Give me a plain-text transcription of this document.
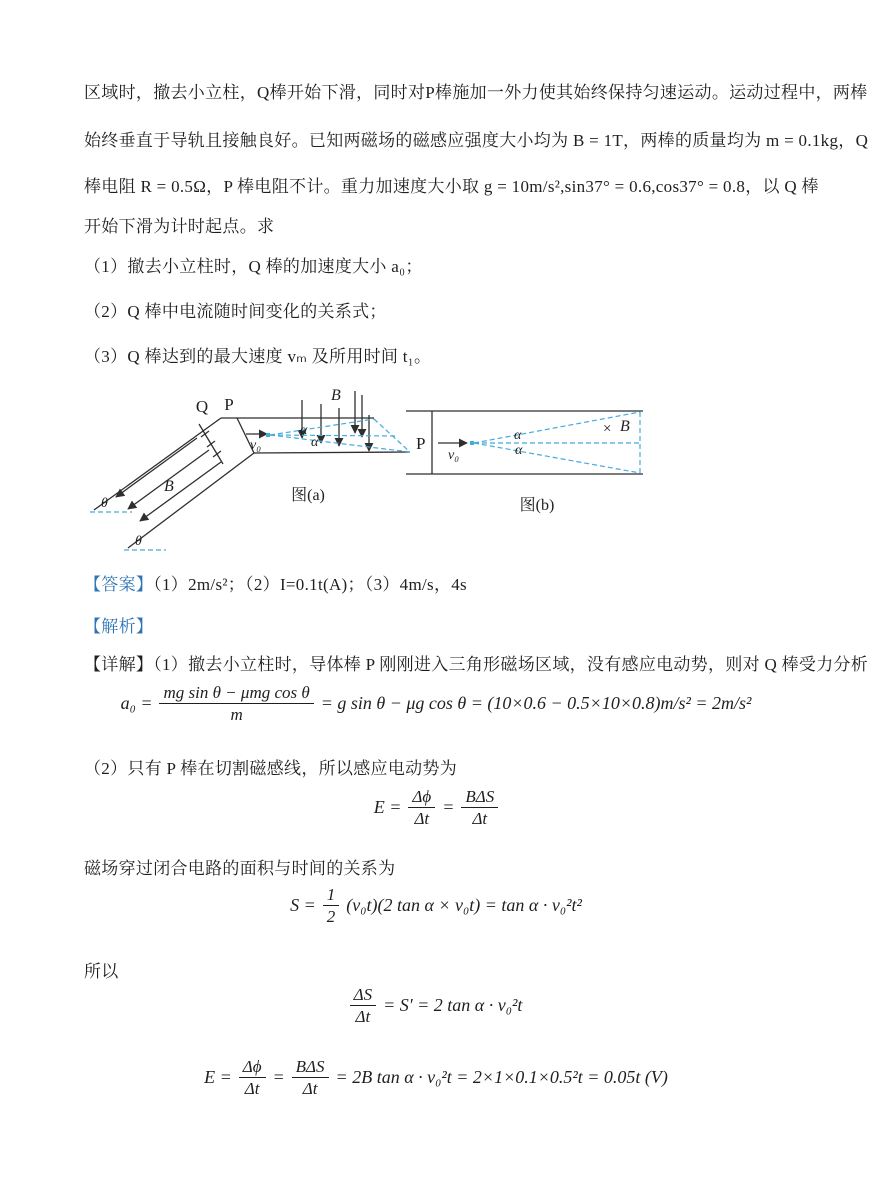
区域时，撤去小立柱，Q棒开始下滑，同时对P棒施加一外力使其始终保持匀速运动。运动过程中，两棒
始终垂直于导轨且接触良好。已知两磁场的磁感应强度大小均为 B = 1T，两棒的质量均为 m = 0.1kg，Q
棒电阻 R = 0.5Ω，P 棒电阻不计。重力加速度大小取 g = 10m/s²,sin37° = 0.6,cos37° = 0.8，以 Q 棒
开始下滑为计时起点。求
（1）撤去小立柱时，Q 棒的加速度大小 a₀；
（2）Q 棒中电流随时间变化的关系式；
（3）Q 棒达到的最大速度 vₘ 及所用时间 t₁。
Q P
B
B
v₀
θ
θ
α
α
图(a)
P
v₀
α
α
× B
图(b)
【答案】（1）2m/s²；（2）I=0.1t(A)；（3）4m/s，4s
【解析】
【详解】（1）撤去小立柱时，导体棒 P 刚刚进入三角形磁场区域，没有感应电动势，则对 Q 棒受力分析
$a_0 = \frac{\text{mg sin θ − μmg cos θ}}{m} = g$ sin θ − μg cos θ = (10×0.6 − 0.5×10×0.8)m/s² = 2m/s²
（2）只有 P 棒在切割磁感线，所以感应电动势为
$E = \frac{\Delta\phi}{\Delta t} = \frac{\text{BΔS}}{\Delta t}$
磁场穿过闭合电路的面积与时间的关系为
$S = \frac{1}{2} (v_0t)(2$ tan α × v₀t) = tan α · v₀²t²
所以
$\frac{\Delta S}{\Delta t} = S' = 2$ tan α · v₀²t
$E = \frac{\Delta\phi}{\Delta t} = \frac{\text{BΔS}}{\Delta t} = 2B$ tan α · v₀²t = 2×1×0.1×0.5²t = 0.05t (V)
